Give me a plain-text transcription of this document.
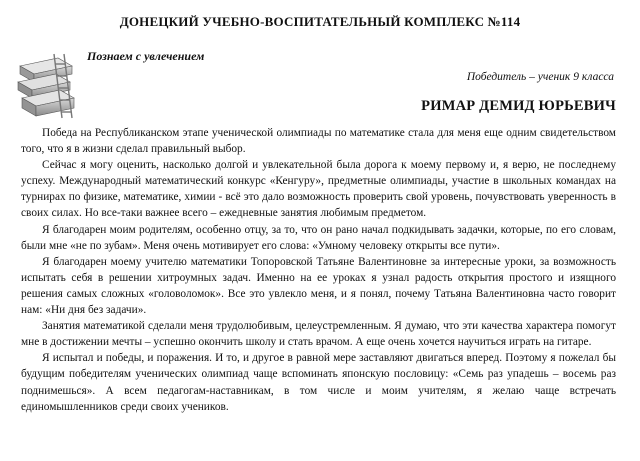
ДОНЕЦКИЙ УЧЕБНО-ВОСПИТАТЕЛЬНЫЙ КОМПЛЕКС №114
Познаем с увлечением
Победитель – ученик 9 класса
РИМАР ДЕМИД ЮРЬЕВИЧ

Победа на Республиканском этапе ученической олимпиады по математике стала для меня еще одним свидетельством того, что я в жизни сделал правильный выбор.

Сейчас я могу оценить, насколько долгой и увлекательной была дорога к моему первому и, я верю, не последнему успеху. Международный математический конкурс «Кенгуру», предметные олимпиады, участие в школьных командах на турнирах по физике, математике, химии - всё это дало возможность проверить свой уровень, почувствовать уверенность в своих силах. Но все-таки важнее всего – ежедневные занятия любимым предметом.

Я благодарен моим родителям, особенно отцу, за то, что он рано начал подкидывать задачки, которые, по его словам, были мне «не по зубам». Меня очень мотивирует его слова: «Умному человеку открыты все пути».

Я благодарен моему учителю математики Топоровской Татьяне Валентиновне за интересные уроки, за возможность испытать себя в решении хитроумных задач. Именно на ее уроках я узнал радость открытия простого и изящного решения самых сложных «головоломок». Все это увлекло меня, и я понял, почему Татьяна Валентиновна часто говорит нам: «Ни дня без задачи».

Занятия математикой сделали меня трудолюбивым, целеустремленным. Я думаю, что эти качества характера помогут мне в достижении мечты – успешно окончить школу и стать врачом. А еще очень хочется научиться играть на гитаре.

Я испытал и победы, и поражения. И то, и другое в равной мере заставляют двигаться вперед. Поэтому я пожелал бы будущим победителям ученических олимпиад чаще вспоминать японскую пословицу: «Семь раз упадешь – восемь раз поднимешься». А всем педагогам-наставникам, в том числе и моим учителям, я желаю чаще встречать единомышленников среди своих учеников.
